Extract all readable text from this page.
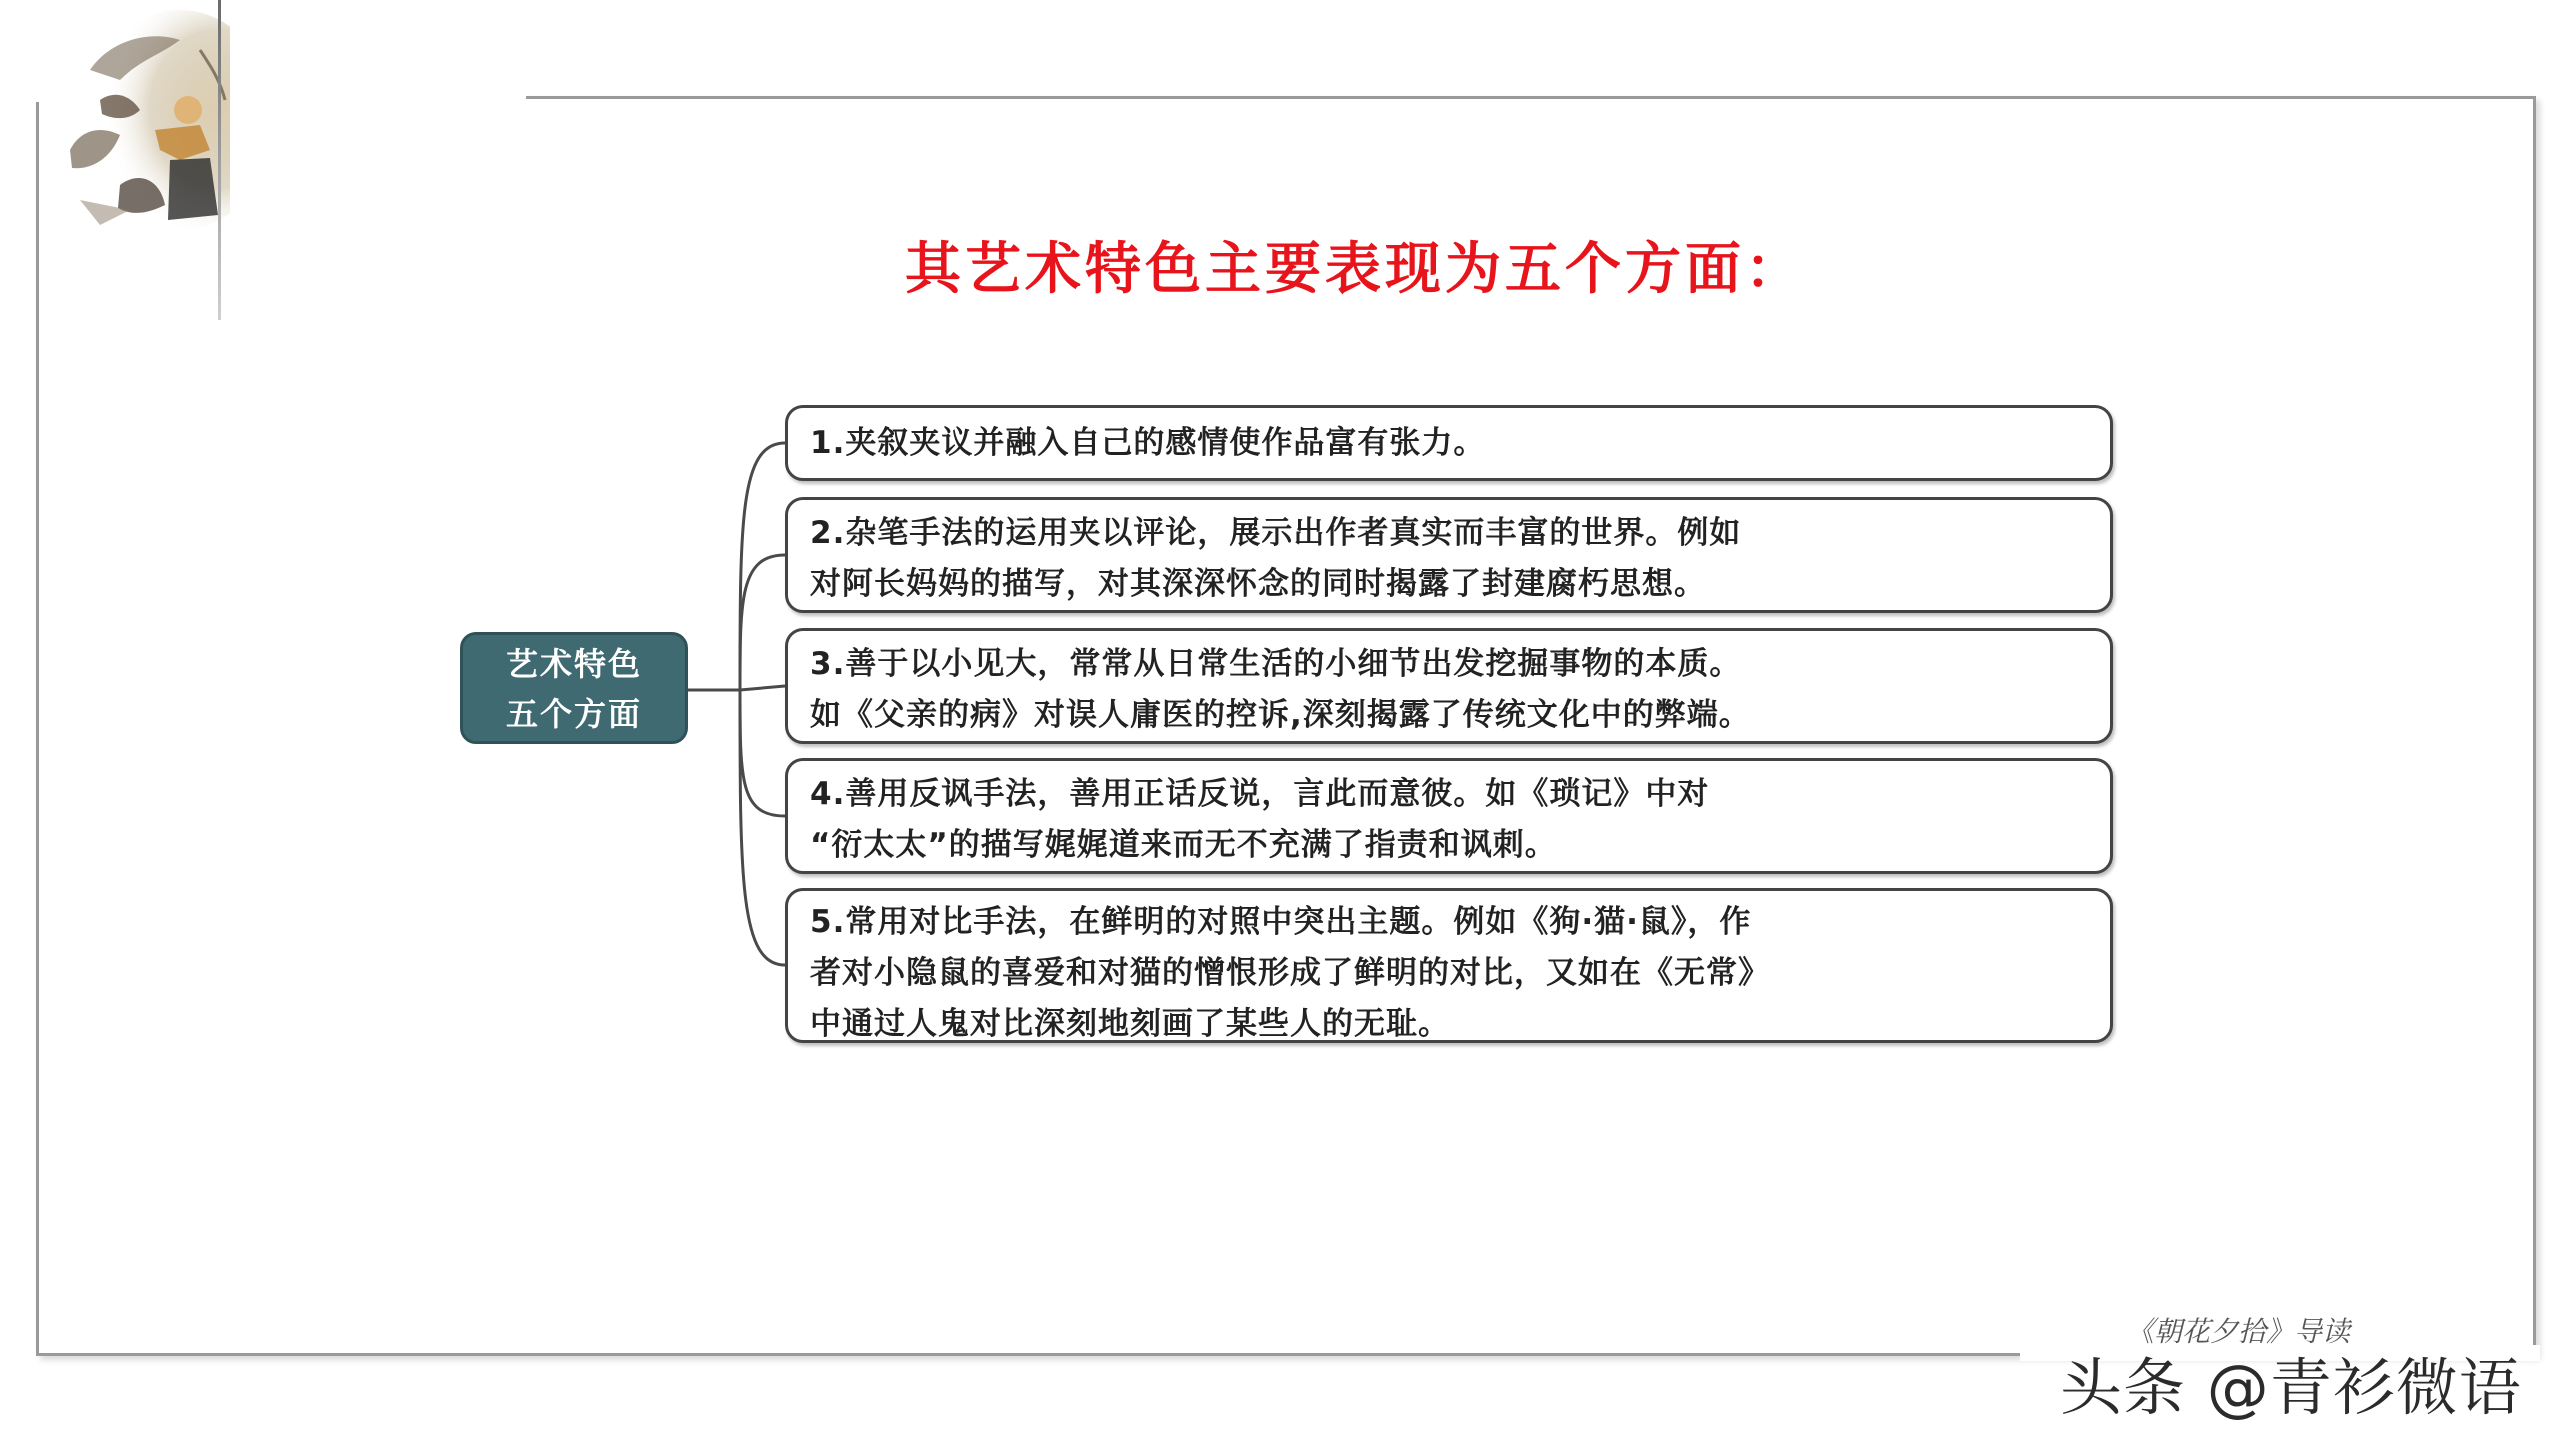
其艺术特色主要表现为五个方面：
艺术特色
五个方面
1.夹叙夹议并融入自己的感情使作品富有张力。
2.杂笔手法的运用夹以评论，展示出作者真实而丰富的世界。例如
对阿长妈妈的描写，对其深深怀念的同时揭露了封建腐朽思想。
3.善于以小见大，常常从日常生活的小细节出发挖掘事物的本质。
如《父亲的病》对误人庸医的控诉,深刻揭露了传统文化中的弊端。
4.善用反讽手法，善用正话反说，言此而意彼。如《琐记》中对
“衍太太”的描写娓娓道来而无不充满了指责和讽刺。
5.常用对比手法，在鲜明的对照中突出主题。例如《狗·猫·鼠》，作
者对小隐鼠的喜爱和对猫的憎恨形成了鲜明的对比，又如在《无常》
中通过人鬼对比深刻地刻画了某些人的无耻。
《朝花夕拾》导读
头条 @青衫微语
